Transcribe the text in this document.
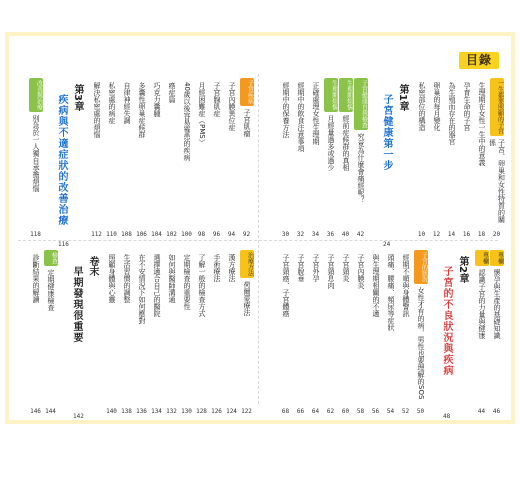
目錄
一生都要照顧的子宮
子宮、卵巢和女性特質的關係
20
生理期在女性一生中的意義
18
孕育生命的子宮
16
為生殖而存在的器官
14
卵巢的每月變化
12
私密部位的構造
10
第1章
子宮健康第一步
24
子宮健康自我檢查
究竟為什麼會痛經呢？
42
生理期煩惱
經前症候群的真相
40
生理期煩惱
月經量過多或過少
36
正確處理女性生理期
34
經期中的飲食注意事項
32
經期中的保養方法
30
子宮疾病
子宮肌瘤
92
子宮內膜異位症
94
子宮腺肌症
96
月經困難症（PMS）
98
40歲以後容易罹患的疾病
100
癌症篇
102
巧克力囊腫
104
多囊性卵巢症候群
106
自律神經失調
108
私密處的病症
110
解決私密處的煩惱
112
第3章
疾病與不適症狀的改善治療
116
改善與治療
別急於一人獨自承擔煩惱
118
專欄
懷孕與生產的基礎知識
46
專欄
認識子宮的力量與健康
44
第2章
子宮的不良狀況與疾病
48
子宮的狀況
女性才有的病，男性也要理解的SOS
50
經期不順與身體警訊
52
頭痛、腰痛、頻尿等症狀
54
與生理期相關的不適
56
子宮內膜炎
58
子宮頸炎
60
子宮頸息肉
62
子宮外孕
64
子宮脫垂
66
子宮頸癌、子宮體癌
68
治療方法
荷爾蒙療法
122
漢方療法
124
手術療法
126
了解一般的檢查方式
128
定期檢查的重要性
130
如何與醫師溝通
132
選擇適合自己的醫院
134
在不安情況下如何應對
136
生活習慣的調整
138
照顧身體與心靈
140
卷末
早期發現很重要
142
檢查
定期健康檢查
144
診斷結果的解讀
146
